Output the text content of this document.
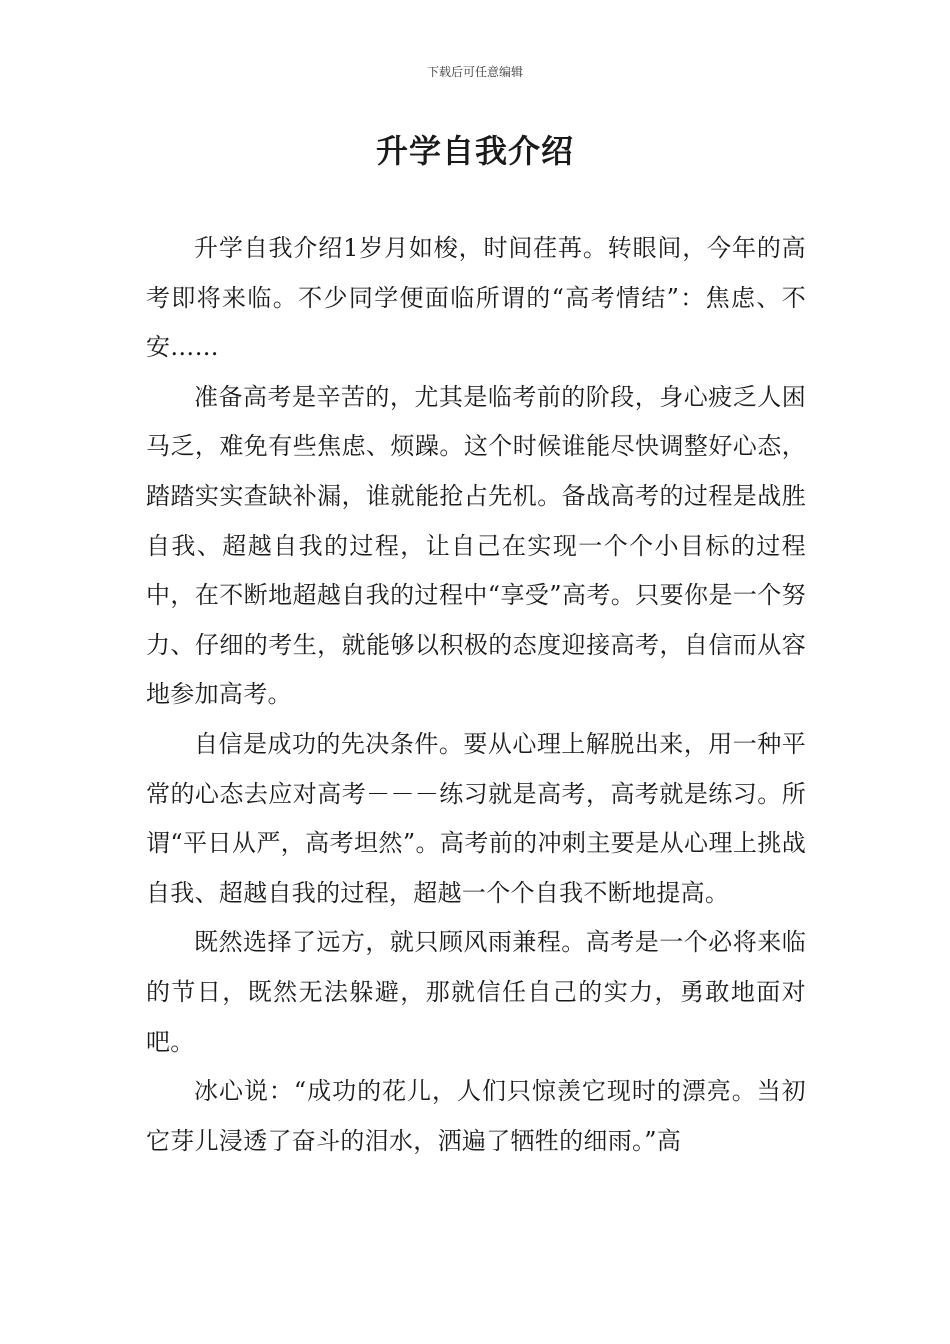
下载后可任意编辑
升学自我介绍

升学自我介绍1岁月如梭，时间荏苒。转眼间，今年的高考即将来临。不少同学便面临所谓的“高考情结”：焦虑、不安……

准备高考是辛苦的，尤其是临考前的阶段，身心疲乏人困马乏，难免有些焦虑、烦躁。这个时候谁能尽快调整好心态，踏踏实实查缺补漏，谁就能抢占先机。备战高考的过程是战胜自我、超越自我的过程，让自己在实现一个个小目标的过程中，在不断地超越自我的过程中“享受”高考。只要你是一个努力、仔细的考生，就能够以积极的态度迎接高考，自信而从容地参加高考。

自信是成功的先决条件。要从心理上解脱出来，用一种平常的心态去应对高考－－－练习就是高考，高考就是练习。所谓“平日从严，高考坦然”。高考前的冲刺主要是从心理上挑战自我、超越自我的过程，超越一个个自我不断地提高。

既然选择了远方，就只顾风雨兼程。高考是一个必将来临的节日，既然无法躲避，那就信任自己的实力，勇敢地面对吧。

冰心说：“成功的花儿，人们只惊羡它现时的漂亮。当初它芽儿浸透了奋斗的泪水，洒遍了牺牲的细雨。”高
